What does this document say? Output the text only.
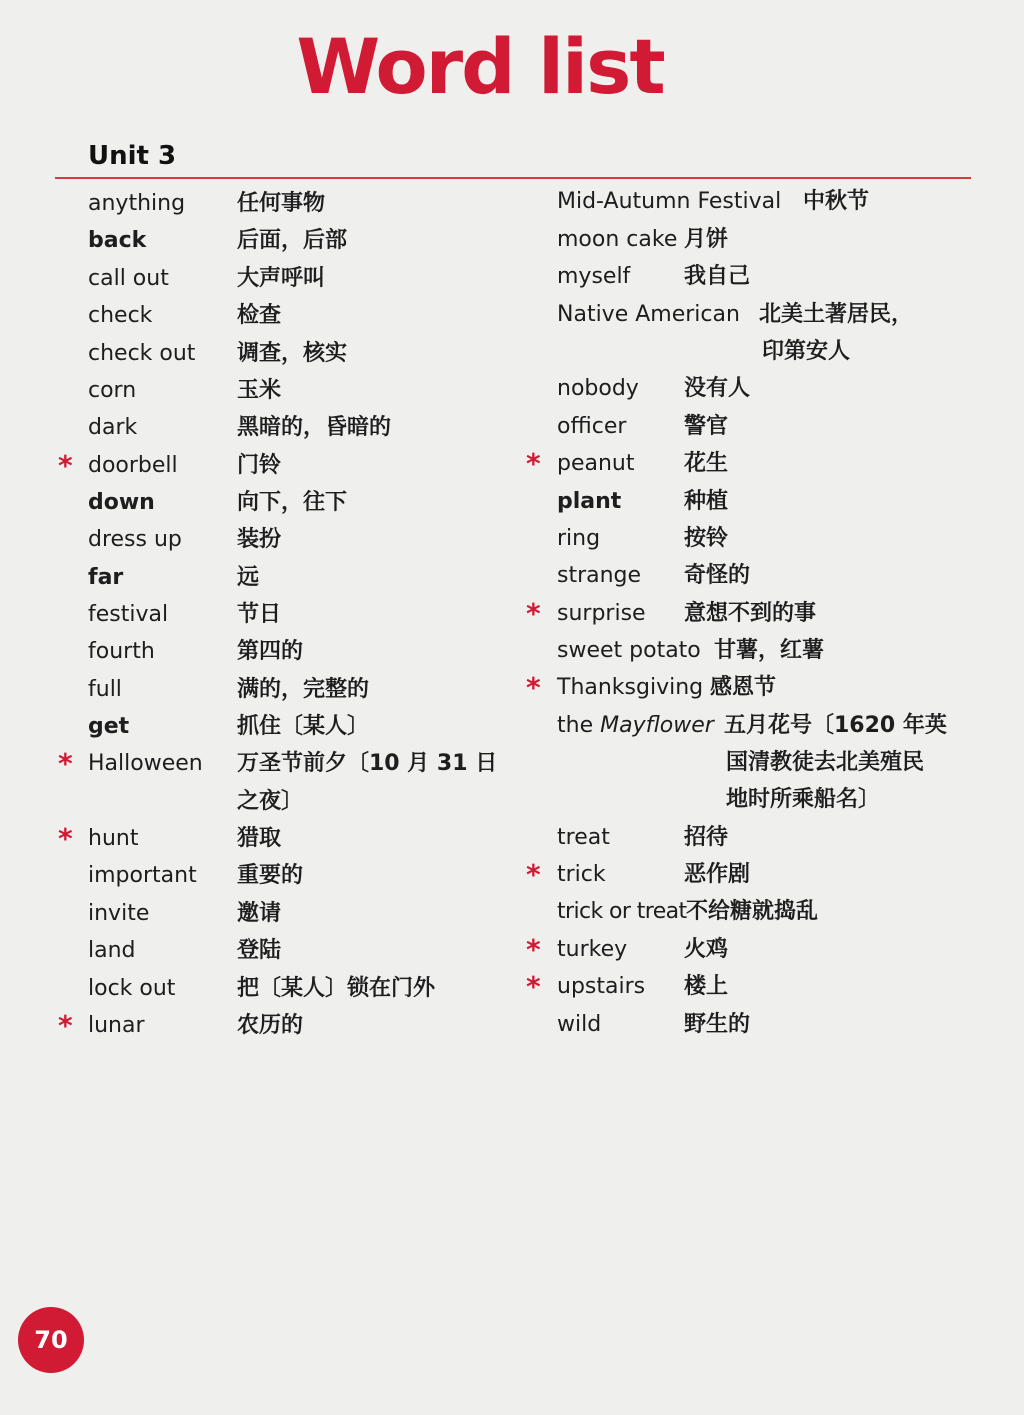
Word list
Unit 3
anything 任何事物
back	后面，后部
call out	大声呼叫
check	检查
check out 调查，核实
corn	玉米
dark	黑暗的，昏暗的
* doorbell	门铃
down	向下，往下
dress up	装扮
far	远
festival	节日
fourth	第四的
full	满的，完整的
get	抓住〔某人〕
* Halloween 万圣节前夕〔10 月 31 日
之夜〕
* hunt	猎取
important 重要的
invite	邀请
land	登陆
lock out	把〔某人〕锁在门外
* lunar	农历的
Mid-Autumn Festival 中秋节
moon cake 月饼
myself 我自己
Native American 北美土著居民，
印第安人
nobody 没有人
officer	警官
* peanut 花生
plant	种植
ring	按铃
strange 奇怪的
* surprise 意想不到的事
sweet potato 甘薯，红薯
* Thanksgiving 感恩节
the Mayflower 五月花号〔1620 年英
国清教徒去北美殖民
地时所乘船名〕
treat	招待
* trick	恶作剧
trick or treat 不给糖就捣乱
* turkey	火鸡
* upstairs 楼上
wild	野生的
70
